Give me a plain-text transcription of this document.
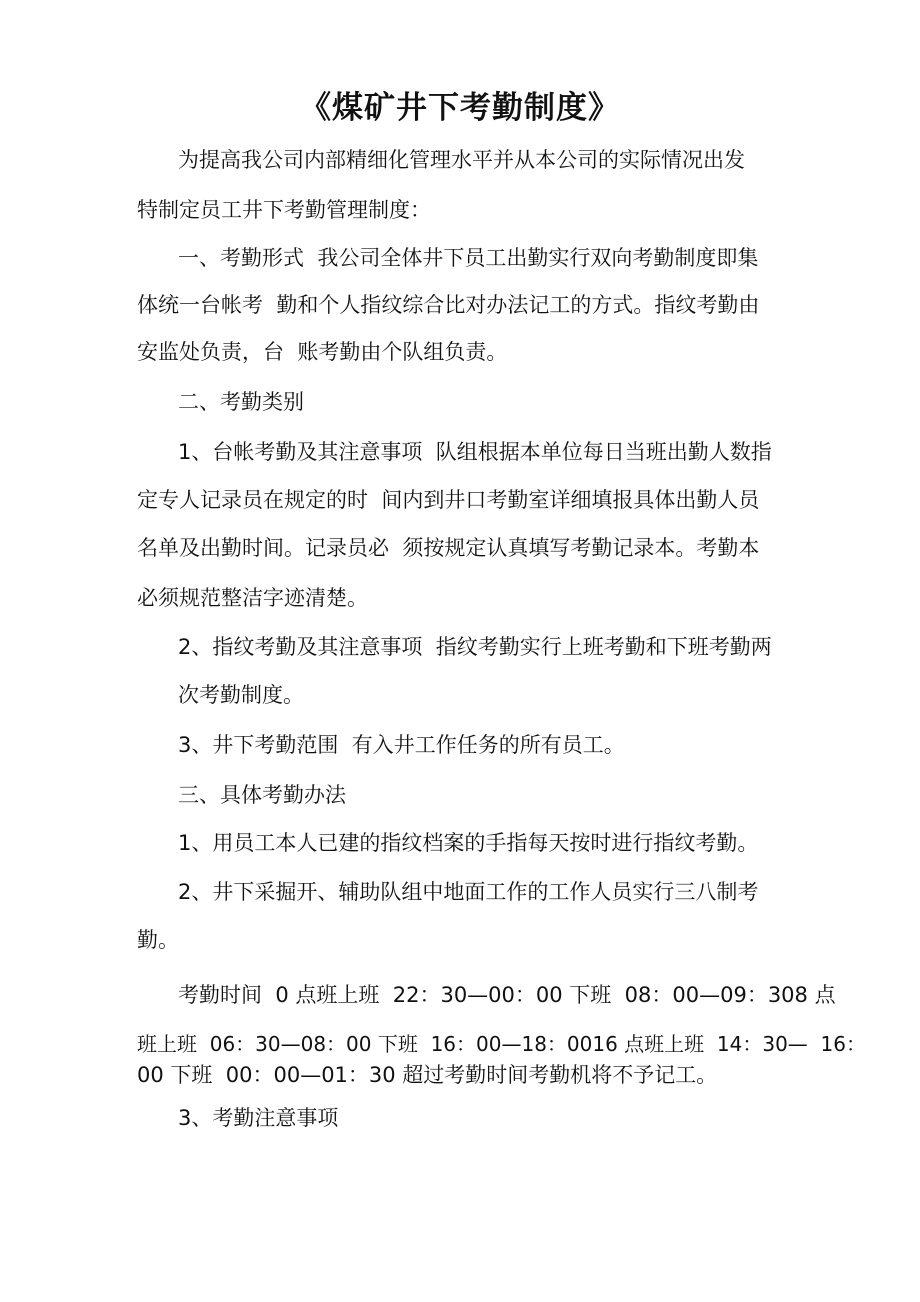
《煤矿井下考勤制度》
为提高我公司内部精细化管理水平并从本公司的实际情况出发
特制定员工井下考勤管理制度：
一、考勤形式  我公司全体井下员工出勤实行双向考勤制度即集
体统一台帐考  勤和个人指纹综合比对办法记工的方式。指纹考勤由
安监处负责，台  账考勤由个队组负责。
二、考勤类别
1、台帐考勤及其注意事项  队组根据本单位每日当班出勤人数指
定专人记录员在规定的时  间内到井口考勤室详细填报具体出勤人员
名单及出勤时间。记录员必  须按规定认真填写考勤记录本。考勤本
必须规范整洁字迹清楚。
2、指纹考勤及其注意事项  指纹考勤实行上班考勤和下班考勤两
次考勤制度。
3、井下考勤范围  有入井工作任务的所有员工。
三、具体考勤办法
1、用员工本人已建的指纹档案的手指每天按时进行指纹考勤。
2、井下采掘开、辅助队组中地面工作的工作人员实行三八制考
勤。
考勤时间  0 点班上班  22：30—00：00 下班  08：00—09：308 点
班上班  06：30—08：00 下班  16：00—18：0016 点班上班  14：30—  16：
00 下班  00：00—01：30 超过考勤时间考勤机将不予记工。
3、考勤注意事项
